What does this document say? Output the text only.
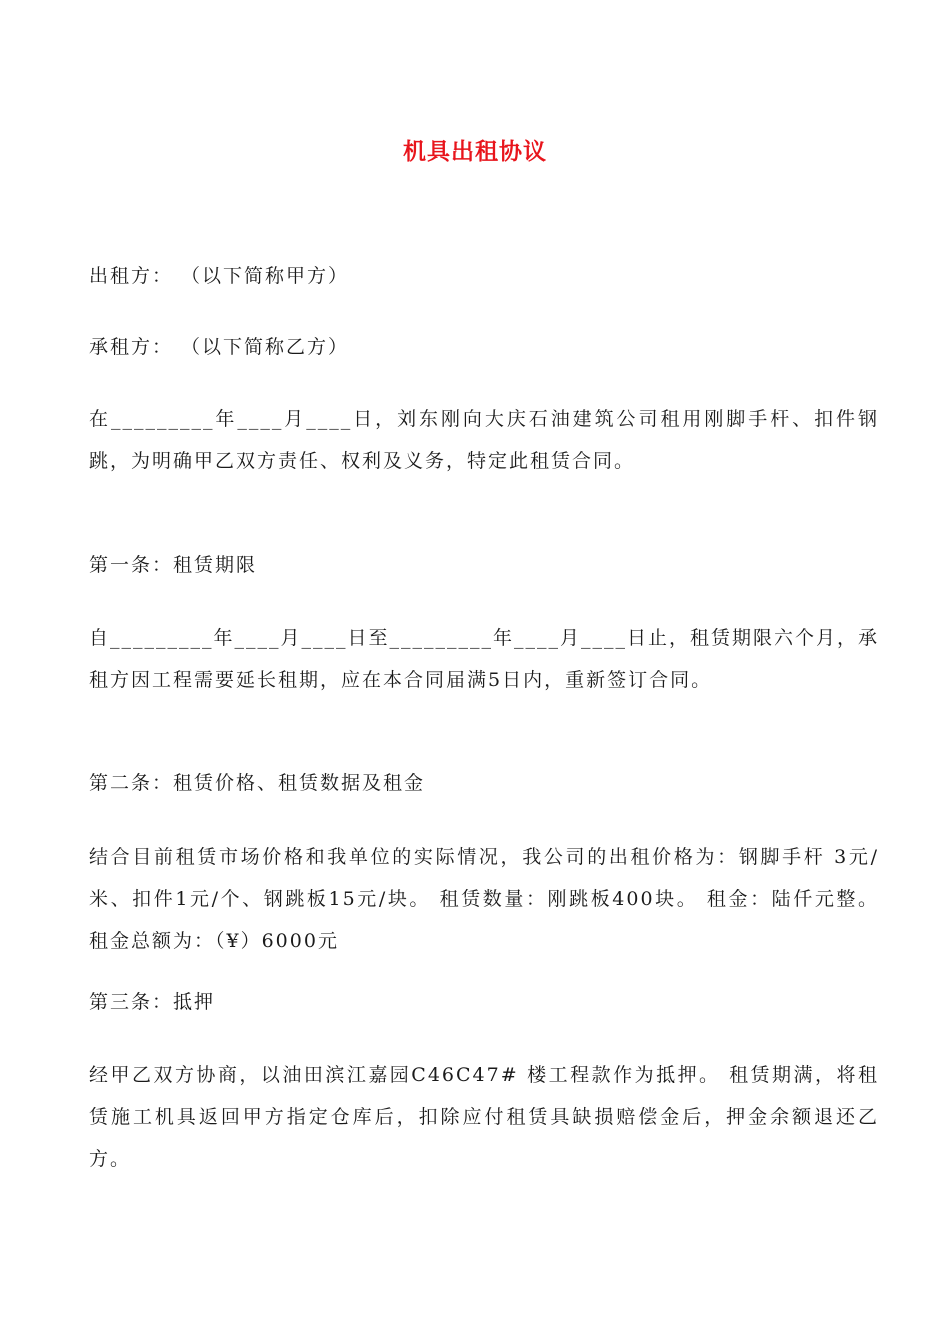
机具出租协议

出租方： （以下简称甲方）

承租方： （以下简称乙方）

在_________年____月____日，刘东刚向大庆石油建筑公司租用刚脚手杆、扣件钢跳，为明确甲乙双方责任、权利及义务，特定此租赁合同。

第一条：租赁期限

自_________年____月____日至_________年____月____日止，租赁期限六个月，承租方因工程需要延长租期，应在本合同届满5日内，重新签订合同。

第二条：租赁价格、租赁数据及租金

结合目前租赁市场价格和我单位的实际情况，我公司的出租价格为：钢脚手杆 3元/米、扣件1元/个、钢跳板15元/块。 租赁数量：刚跳板400块。 租金：陆仟元整。 租金总额为：（¥）6000元

第三条：抵押

经甲乙双方协商，以油田滨江嘉园C46C47# 楼工程款作为抵押。 租赁期满，将租赁施工机具返回甲方指定仓库后，扣除应付租赁具缺损赔偿金后，押金余额退还乙方。
